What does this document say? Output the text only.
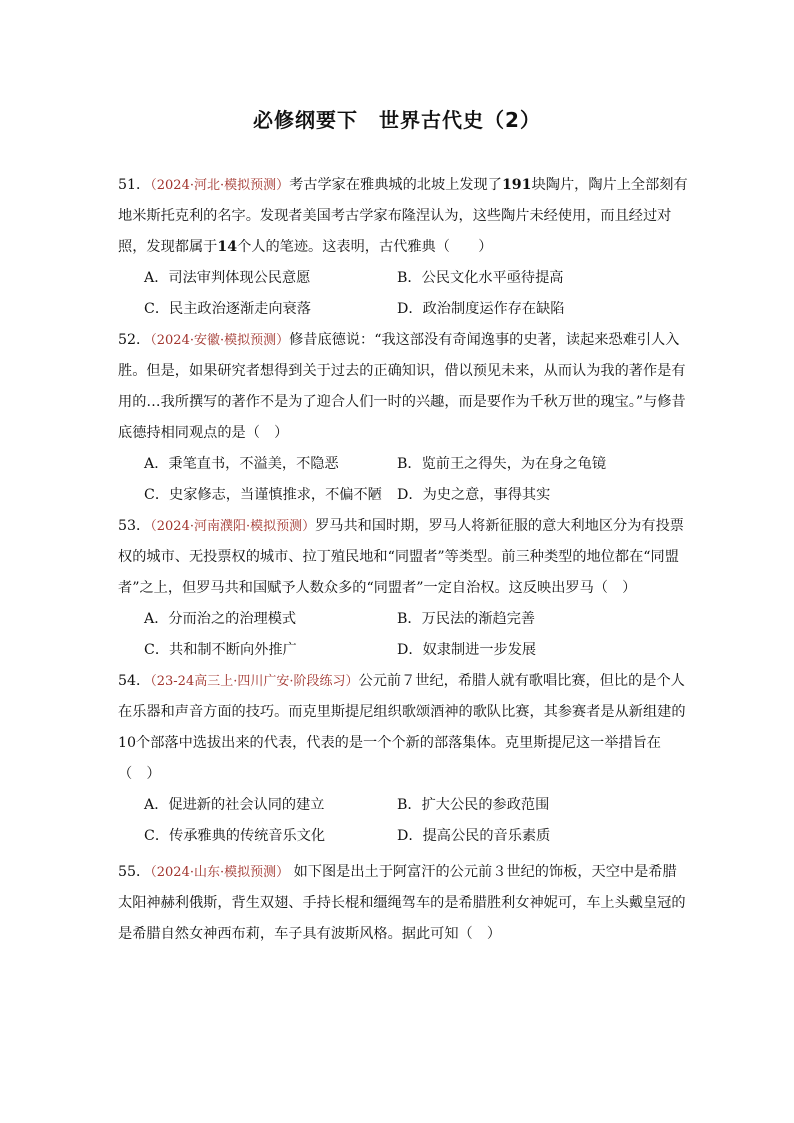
必修纲要下　世界古代史（2）

51．（2024·河北·模拟预测）考古学家在雅典城的北坡上发现了191块陶片，陶片上全部刻有地米斯托克利的名字。发现者美国考古学家布隆涅认为，这些陶片未经使用，而且经过对照，发现都属于14个人的笔迹。这表明，古代雅典（　　）

A．司法审判体现公民意愿	B．公民文化水平亟待提高
C．民主政治逐渐走向衰落	D．政治制度运作存在缺陷

52．（2024·安徽·模拟预测）修昔底德说：“我这部没有奇闻逸事的史著，读起来恐难引人入胜。但是，如果研究者想得到关于过去的正确知识，借以预见未来，从而认为我的著作是有用的…我所撰写的著作不是为了迎合人们一时的兴趣，而是要作为千秋万世的瑰宝。”与修昔底德持相同观点的是（　）

A．秉笔直书，不溢美，不隐恶	B．览前王之得失，为在身之龟镜
C．史家修志，当谨慎推求，不偏不陋 D．为史之意，事得其实

53．（2024·河南濮阳·模拟预测）罗马共和国时期，罗马人将新征服的意大利地区分为有投票权的城市、无投票权的城市、拉丁殖民地和“同盟者”等类型。前三种类型的地位都在“同盟者”之上，但罗马共和国赋予人数众多的“同盟者”一定自治权。这反映出罗马（　）

A．分而治之的治理模式	B．万民法的渐趋完善
C．共和制不断向外推广	D．奴隶制进一步发展

54．（23-24高三上·四川广安·阶段练习）公元前７世纪，希腊人就有歌唱比赛，但比的是个人在乐器和声音方面的技巧。而克里斯提尼组织歌颂酒神的歌队比赛，其参赛者是从新组建的10个部落中选拔出来的代表，代表的是一个个新的部落集体。克里斯提尼这一举措旨在（　）

A．促进新的社会认同的建立	B．扩大公民的参政范围
C．传承雅典的传统音乐文化	D．提高公民的音乐素质

55．（2024·山东·模拟预测） 如下图是出土于阿富汗的公元前３世纪的饰板，天空中是希腊太阳神赫利俄斯，背生双翅、手持长棍和缰绳驾车的是希腊胜利女神妮可，车上头戴皇冠的是希腊自然女神西布莉，车子具有波斯风格。据此可知（　）
